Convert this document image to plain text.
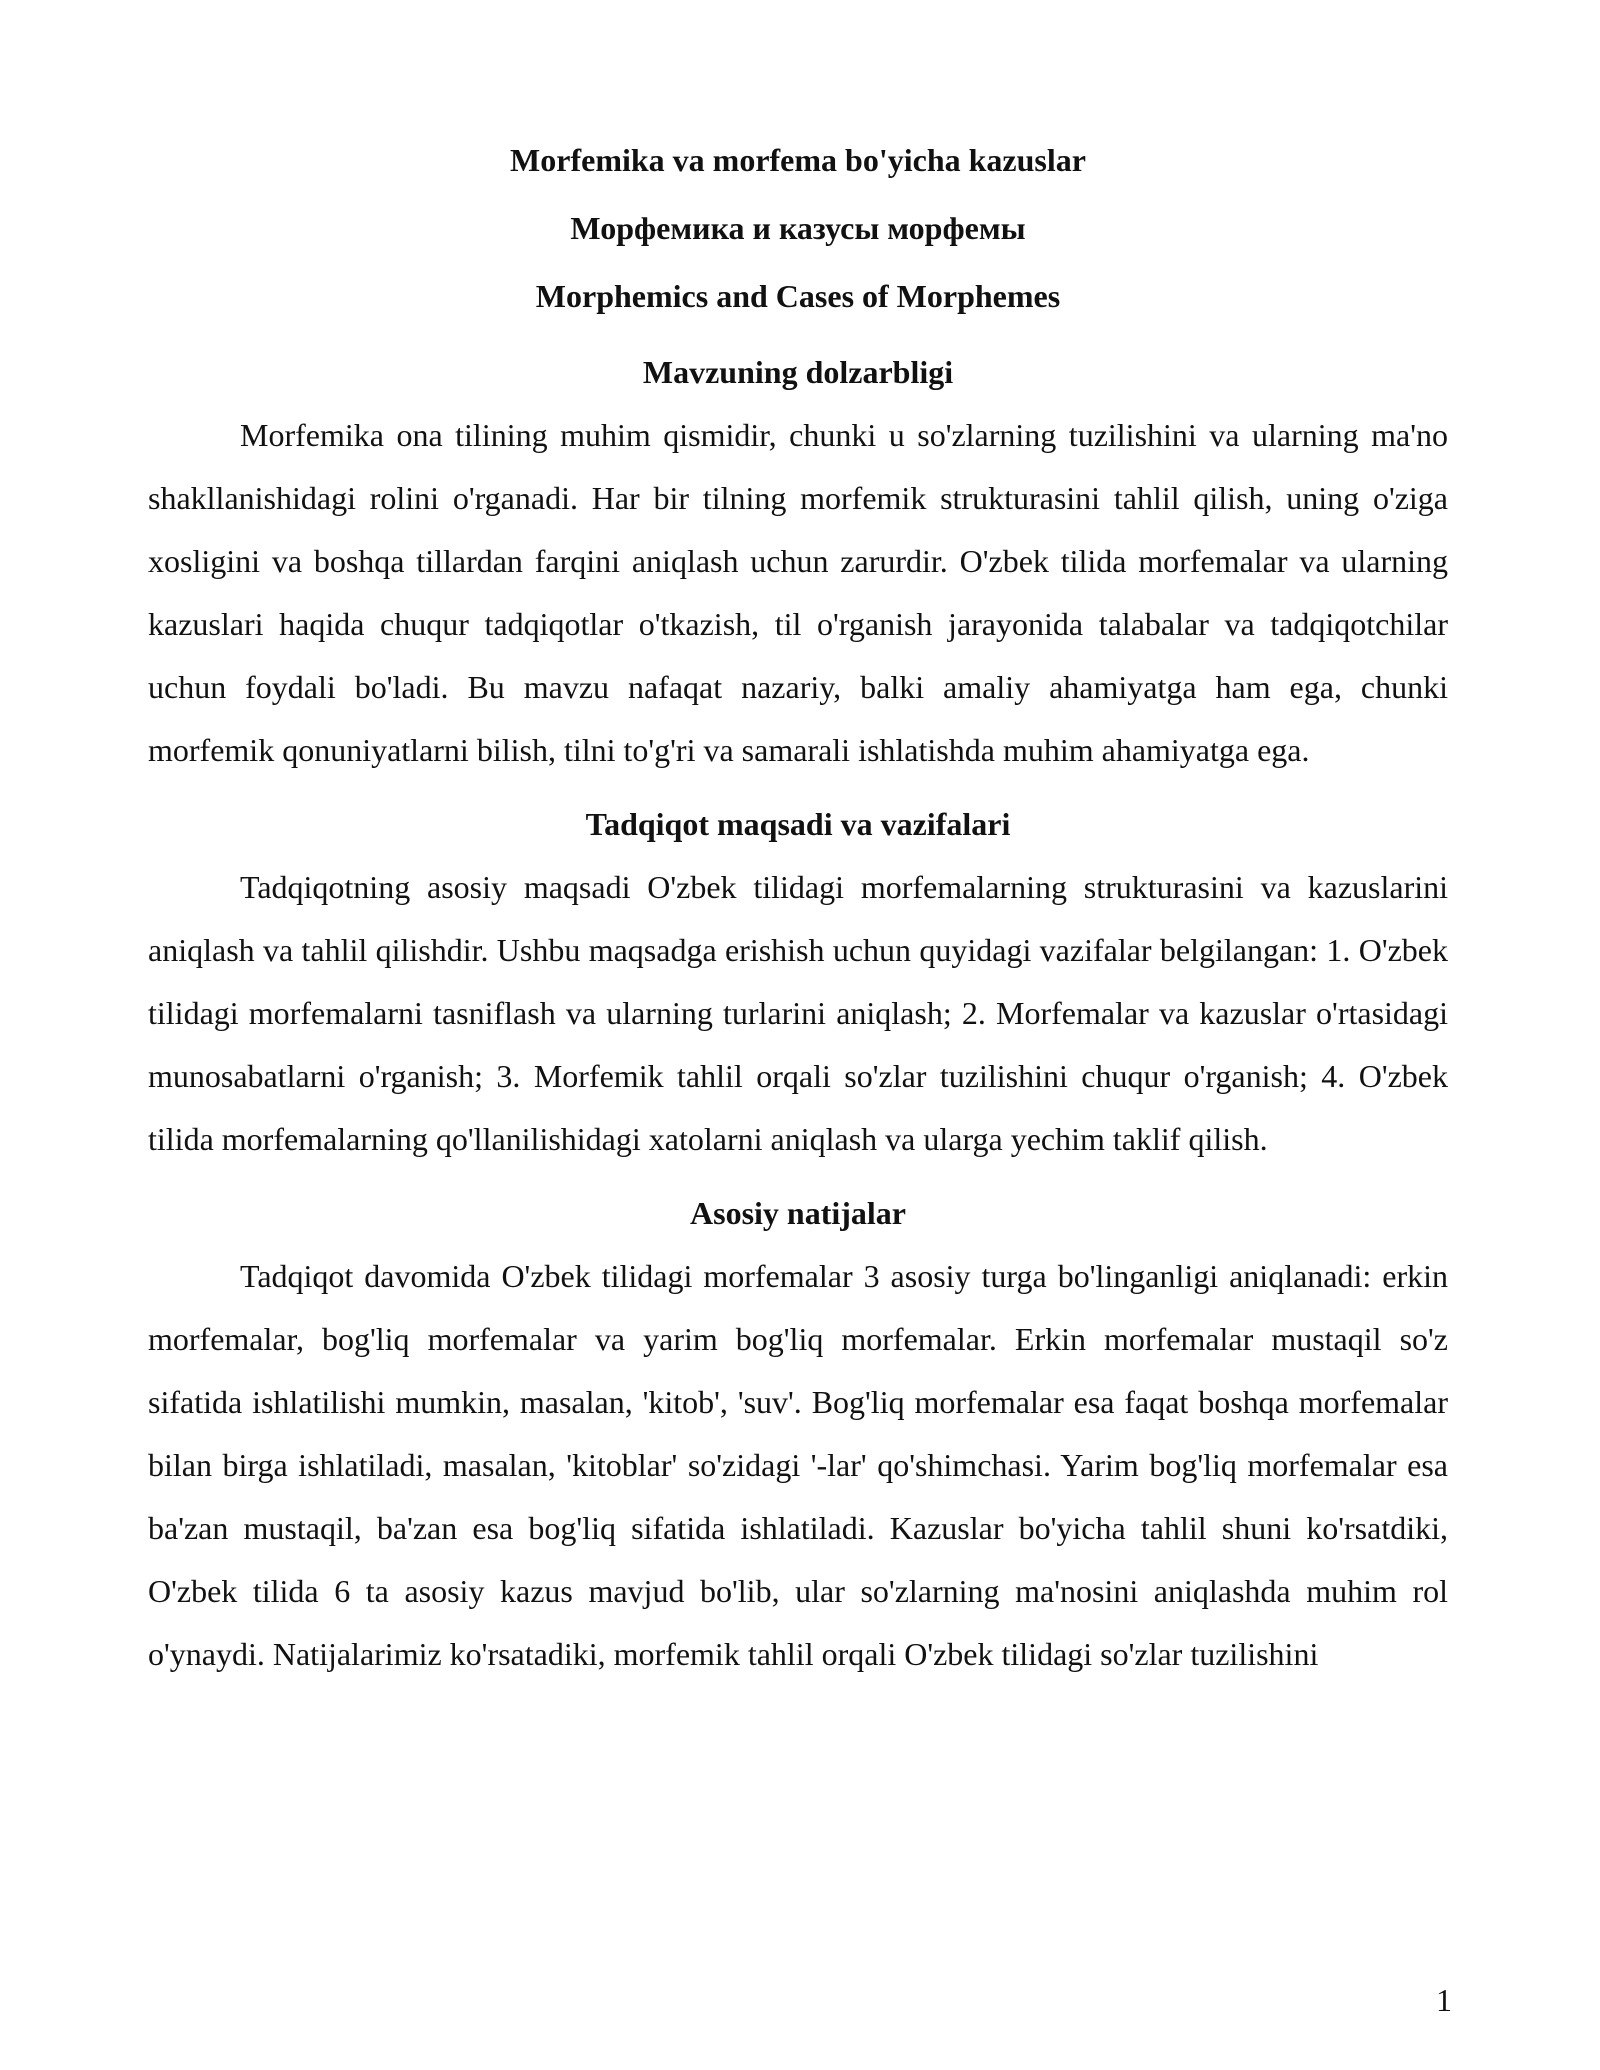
Morfemika va morfema bo'yicha kazuslar
Морфемика и казусы морфемы
Morphemics and Cases of Morphemes
Mavzuning dolzarbligi

Morfemika ona tilining muhim qismidir, chunki u so'zlarning tuzilishini va ularning ma'no shakllanishidagi rolini o'rganadi. Har bir tilning morfemik strukturasini tahlil qilish, uning o'ziga xosligini va boshqa tillardan farqini aniqlash uchun zarurdir. O'zbek tilida morfemalar va ularning kazuslari haqida chuqur tadqiqotlar o'tkazish, til o'rganish jarayonida talabalar va tadqiqotchilar uchun foydali bo'ladi. Bu mavzu nafaqat nazariy, balki amaliy ahamiyatga ham ega, chunki morfemik qonuniyatlarni bilish, tilni to'g'ri va samarali ishlatishda muhim ahamiyatga ega.

Tadqiqot maqsadi va vazifalari

Tadqiqotning asosiy maqsadi O'zbek tilidagi morfemalarning strukturasini va kazuslarini aniqlash va tahlil qilishdir. Ushbu maqsadga erishish uchun quyidagi vazifalar belgilangan: 1. O'zbek tilidagi morfemalarni tasniflash va ularning turlarini aniqlash; 2. Morfemalar va kazuslar o'rtasidagi munosabatlarni o'rganish; 3. Morfemik tahlil orqali so'zlar tuzilishini chuqur o'rganish; 4. O'zbek tilida morfemalarning qo'llanilishidagi xatolarni aniqlash va ularga yechim taklif qilish.

Asosiy natijalar

Tadqiqot davomida O'zbek tilidagi morfemalar 3 asosiy turga bo'linganligi aniqlanadi: erkin morfemalar, bog'liq morfemalar va yarim bog'liq morfemalar. Erkin morfemalar mustaqil so'z sifatida ishlatilishi mumkin, masalan, 'kitob', 'suv'. Bog'liq morfemalar esa faqat boshqa morfemalar bilan birga ishlatiladi, masalan, 'kitoblar' so'zidagi '-lar' qo'shimchasi. Yarim bog'liq morfemalar esa ba'zan mustaqil, ba'zan esa bog'liq sifatida ishlatiladi. Kazuslar bo'yicha tahlil shuni ko'rsatdiki, O'zbek tilida 6 ta asosiy kazus mavjud bo'lib, ular so'zlarning ma'nosini aniqlashda muhim rol o'ynaydi. Natijalarimiz ko'rsatadiki, morfemik tahlil orqali O'zbek tilidagi so'zlar tuzilishini

1
